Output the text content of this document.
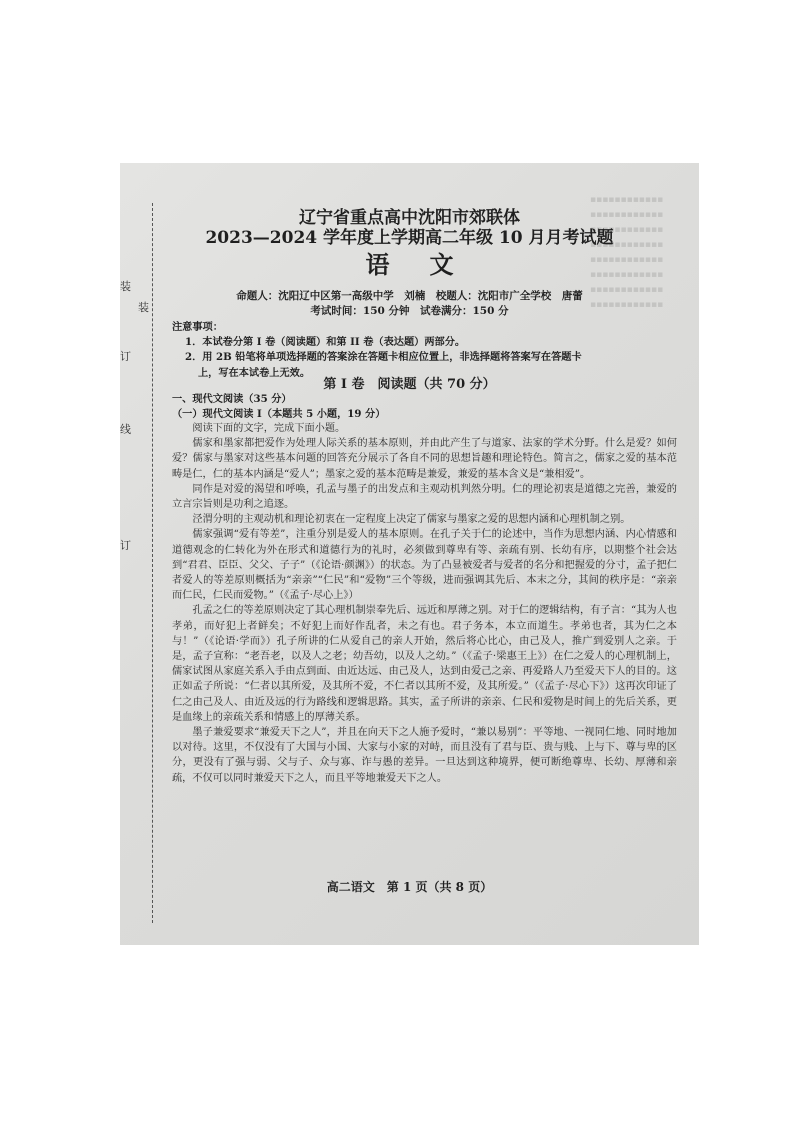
装
装
订
线
订
▪▪▪▪▪▪▪▪▪▪▪▪
▪▪▪▪▪▪▪▪▪▪▪▪
▪▪▪▪▪▪▪▪▪▪▪▪
▪▪▪▪▪▪▪▪▪▪▪▪
▪▪▪▪▪▪▪▪▪▪▪▪
▪▪▪▪▪▪▪▪▪▪▪▪
▪▪▪▪▪▪▪▪▪▪▪▪
▪▪▪▪▪▪▪▪▪▪▪▪
辽宁省重点高中沈阳市郊联体
2023—2024 学年度上学期高二年级 10 月月考试题
语文
命题人：沈阳辽中区第一高级中学　刘楠　校题人：沈阳市广全学校　唐蕾
考试时间：150 分钟　试卷满分：150 分
注意事项：
1．本试卷分第 I 卷（阅读题）和第 II 卷（表达题）两部分。
2．用 2B 铅笔将单项选择题的答案涂在答题卡相应位置上，非选择题将答案写在答题卡
上，写在本试卷上无效。
第 I 卷　阅读题（共 70 分）
一、现代文阅读（35 分）
（一）现代文阅读 I（本题共 5 小题，19 分）

阅读下面的文字，完成下面小题。

儒家和墨家都把爱作为处理人际关系的基本原则，并由此产生了与道家、法家的学术分野。什么是爱？如何爱？儒家与墨家对这些基本问题的回答充分展示了各自不同的思想旨趣和理论特色。简言之，儒家之爱的基本范畴是仁，仁的基本内涵是“爱人”；墨家之爱的基本范畴是兼爱，兼爱的基本含义是“兼相爱”。

同作是对爱的渴望和呼唤，孔孟与墨子的出发点和主观动机判然分明。仁的理论初衷是道德之完善，兼爱的立言宗旨则是功利之追逐。

泾渭分明的主观动机和理论初衷在一定程度上决定了儒家与墨家之爱的思想内涵和心理机制之别。

儒家强调“爱有等差”，注重分别是爱人的基本原则。在孔子关于仁的论述中，当作为思想内涵、内心情感和道德观念的仁转化为外在形式和道德行为的礼时，必须做到尊卑有等、亲疏有别、长幼有序，以期整个社会达到“君君、臣臣、父父、子子”（《论语·颜渊》）的状态。为了凸显被爱者与爱者的名分和把握爱的分寸，孟子把仁者爱人的等差原则概括为“亲亲”“仁民”和“爱物”三个等级，进而强调其先后、本末之分，其间的秩序是：“亲亲而仁民，仁民而爱物。”（《孟子·尽心上》）

孔孟之仁的等差原则决定了其心理机制崇奉先后、远近和厚薄之别。对于仁的逻辑结构，有子言：“其为人也孝弟，而好犯上者鲜矣；不好犯上而好作乱者，未之有也。君子务本，本立而道生。孝弟也者，其为仁之本与！”（《论语·学而》）孔子所讲的仁从爱自己的亲人开始，然后将心比心，由己及人，推广到爱别人之亲。于是，孟子宣称：“老吾老，以及人之老；幼吾幼，以及人之幼。”（《孟子·梁惠王上》）在仁之爱人的心理机制上，儒家试图从家庭关系入手由点到面、由近达远、由己及人，达到由爱己之亲、再爱路人乃至爱天下人的目的。这正如孟子所说：“仁者以其所爱，及其所不爱，不仁者以其所不爱，及其所爱。”（《孟子·尽心下》）这再次印证了仁之由己及人、由近及远的行为路线和逻辑思路。其实，孟子所讲的亲亲、仁民和爱物是时间上的先后关系，更是血缘上的亲疏关系和情感上的厚薄关系。

墨子兼爱要求“兼爱天下之人”，并且在向天下之人施予爱时，“兼以易别”：平等地、一视同仁地、同时地加以对待。这里，不仅没有了大国与小国、大家与小家的对峙，而且没有了君与臣、贵与贱、上与下、尊与卑的区分，更没有了强与弱、父与子、众与寡、诈与愚的差异。一旦达到这种境界，便可断绝尊卑、长幼、厚薄和亲疏，不仅可以同时兼爱天下之人，而且平等地兼爱天下之人。

高二语文　第 1 页（共 8 页）
